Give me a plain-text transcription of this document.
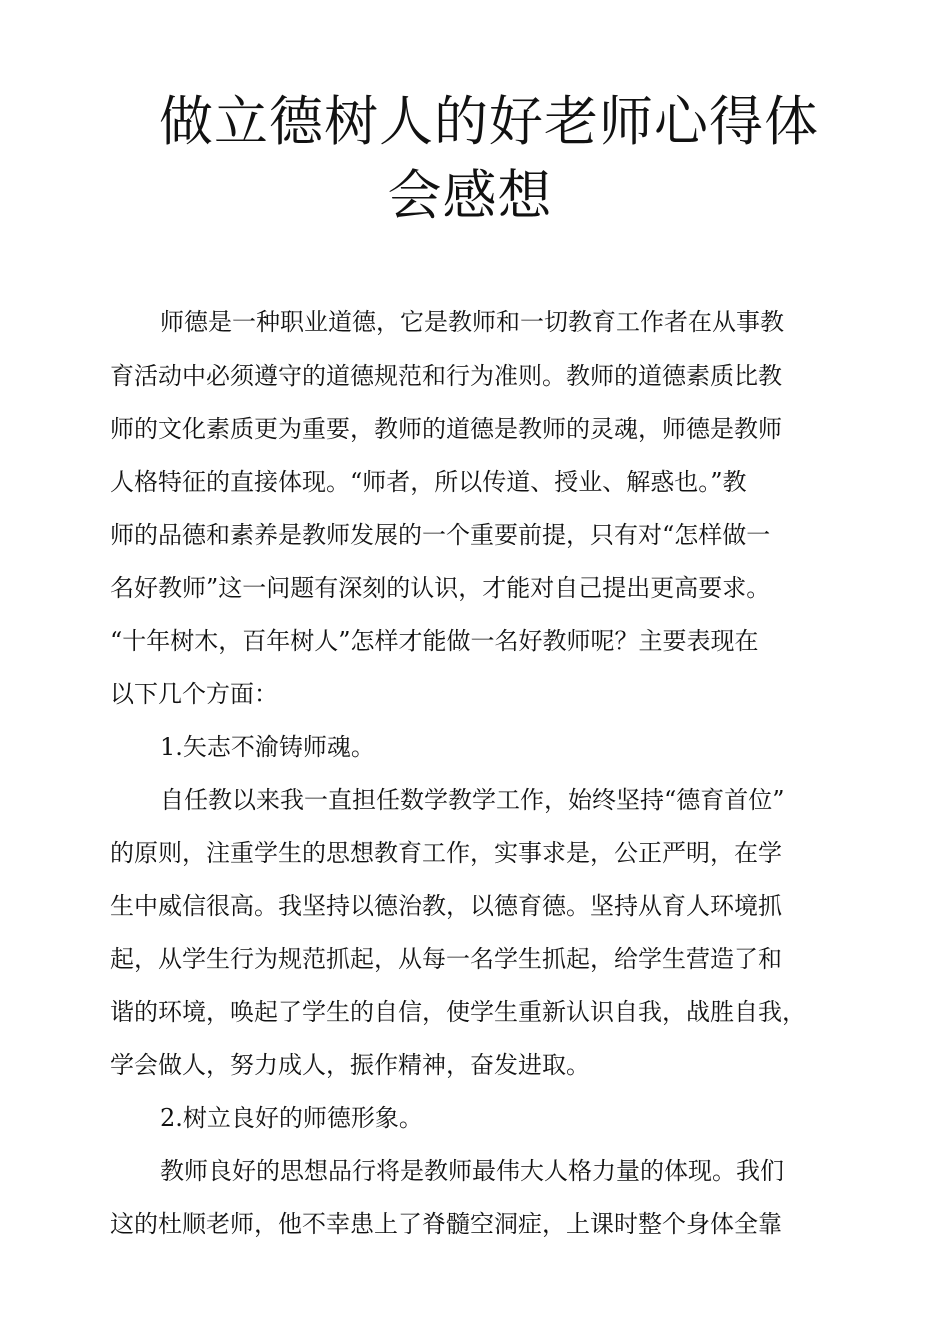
做立德树人的好老师心得体
会感想

师德是一种职业道德，它是教师和一切教育工作者在从事教

育活动中必须遵守的道德规范和行为准则。教师的道德素质比教

师的文化素质更为重要，教师的道德是教师的灵魂，师德是教师

人格特征的直接体现。“师者，所以传道、授业、解惑也。”教

师的品德和素养是教师发展的一个重要前提，只有对“怎样做一

名好教师”这一问题有深刻的认识，才能对自己提出更高要求。

“十年树木，百年树人”怎样才能做一名好教师呢？主要表现在

以下几个方面：

1.矢志不渝铸师魂。

自任教以来我一直担任数学教学工作，始终坚持“德育首位”

的原则，注重学生的思想教育工作，实事求是，公正严明，在学

生中威信很高。我坚持以德治教，以德育德。坚持从育人环境抓

起，从学生行为规范抓起，从每一名学生抓起，给学生营造了和

谐的环境，唤起了学生的自信，使学生重新认识自我，战胜自我，

学会做人，努力成人，振作精神，奋发进取。

2.树立良好的师德形象。

教师良好的思想品行将是教师最伟大人格力量的体现。我们

这的杜顺老师，他不幸患上了脊髓空洞症，上课时整个身体全靠
